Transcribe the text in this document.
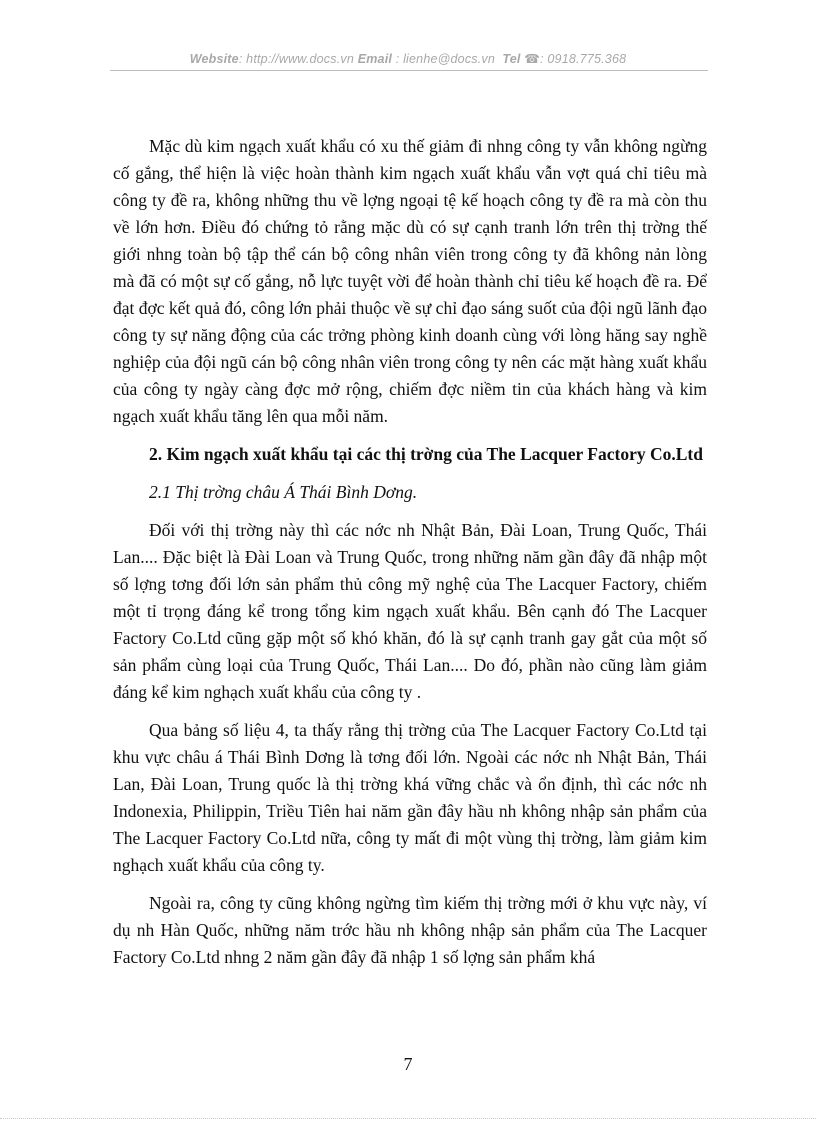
Website: http://www.docs.vn Email : lienhe@docs.vn Tel ☎: 0918.775.368

Mặc dù kim ngạch xuất khẩu có xu thế giảm đi nhng công ty vẫn không ngừng cố gắng, thể hiện là việc hoàn thành kim ngạch xuất khẩu vẫn vợt quá chỉ tiêu mà công ty đề ra, không những thu về lợng ngoại tệ kế hoạch công ty đề ra mà còn thu về lớn hơn. Điều đó chứng tỏ rằng mặc dù có sự cạnh tranh lớn trên thị trờng thế giới nhng toàn bộ tập thể cán bộ công nhân viên trong công ty đã không nản lòng mà đã có một sự cố gắng, nỗ lực tuyệt vời để hoàn thành chỉ tiêu kế hoạch đề ra. Để đạt đợc kết quả đó, công lớn phải thuộc về sự chỉ đạo sáng suốt của đội ngũ lãnh đạo công ty sự năng động của các trởng phòng kinh doanh cùng với lòng hăng say nghề nghiệp của đội ngũ cán bộ công nhân viên trong công ty nên các mặt hàng xuất khẩu của công ty ngày càng đợc mở rộng, chiếm đợc niềm tin của khách hàng và kim ngạch xuất khẩu tăng lên qua mỗi năm.

2. Kim ngạch xuất khẩu tại các thị trờng của The Lacquer Factory Co.Ltd

2.1 Thị trờng châu Á Thái Bình Dơng.

Đối với thị trờng này thì các nớc nh Nhật Bản, Đài Loan, Trung Quốc, Thái Lan.... Đặc biệt là Đài Loan và Trung Quốc, trong những năm gần đây đã nhập một số lợng tơng đối lớn sản phẩm thủ công mỹ nghệ của The Lacquer Factory, chiếm một tỉ trọng đáng kể trong tổng kim ngạch xuất khẩu. Bên cạnh đó The Lacquer Factory Co.Ltd cũng gặp một số khó khăn, đó là sự cạnh tranh gay gắt của một số sản phẩm cùng loại của Trung Quốc, Thái Lan.... Do đó, phần nào cũng làm giảm đáng kể kim nghạch xuất khẩu của công ty .

Qua bảng số liệu 4, ta thấy rằng thị trờng của The Lacquer Factory Co.Ltd tại khu vực châu á Thái Bình Dơng là tơng đối lớn. Ngoài các nớc nh Nhật Bản, Thái Lan, Đài Loan, Trung quốc là thị trờng khá vững chắc và ổn định, thì các nớc nh Indonexia, Philippin, Triều Tiên hai năm gần đây hầu nh không nhập sản phẩm của The Lacquer Factory Co.Ltd nữa, công ty mất đi một vùng thị trờng, làm giảm kim nghạch xuất khẩu của công ty.

Ngoài ra, công ty cũng không ngừng tìm kiếm thị trờng mới ở khu vực này, ví dụ nh Hàn Quốc, những năm trớc hầu nh không nhập sản phẩm của The Lacquer Factory Co.Ltd nhng 2 năm gần đây đã nhập 1 số lợng sản phẩm khá

7
